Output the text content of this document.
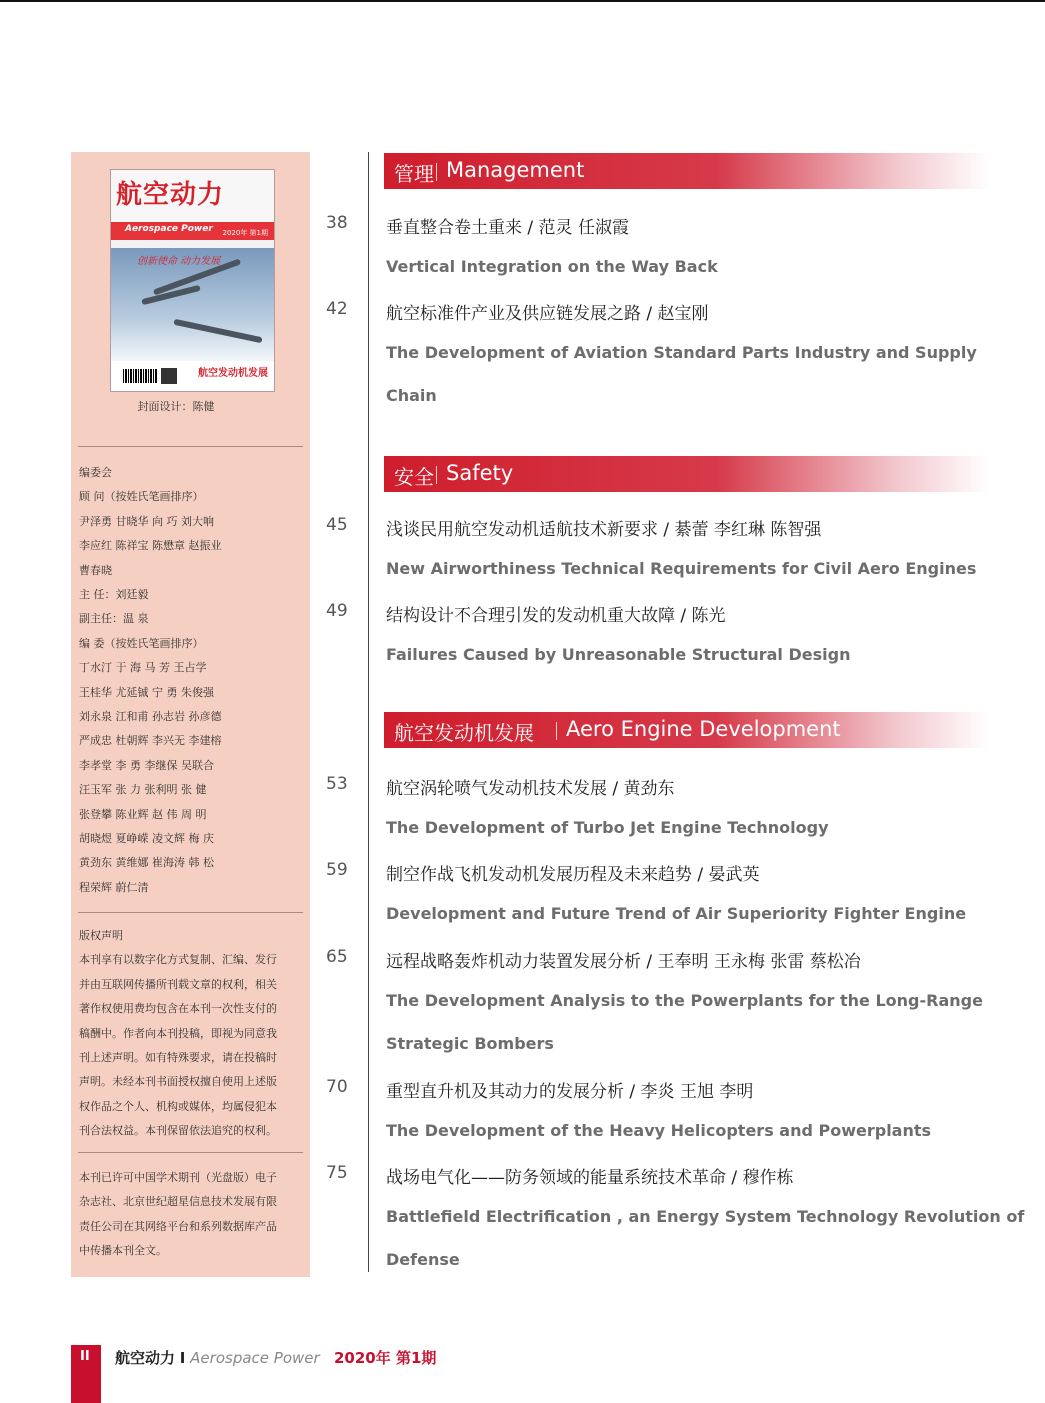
航空动力
Aerospace Power 2020年 第1期
创新使命 动力发展
航空发动机发展
封面设计：陈健
编委会
顾 问（按姓氏笔画排序）
尹泽勇 甘晓华 向 巧 刘大响
李应红 陈祥宝 陈懋章 赵振业
曹春晓
主 任：刘廷毅
副主任：温 泉
编 委（按姓氏笔画排序）
丁水汀 于 海 马 芳 王占学
王桂华 尤延铖 宁 勇 朱俊强
刘永泉 江和甫 孙志岩 孙彦德
严成忠 杜朝辉 李兴无 李建榕
李孝堂 李 勇 李继保 吴联合
汪玉军 张 力 张利明 张 健
张登攀 陈业辉 赵 伟 周 明
胡晓煜 夏峥嵘 凌文辉 梅 庆
黄劲东 黄维娜 崔海涛 韩 松
程荣辉 蔚仁清
版权声明
本刊享有以数字化方式复制、汇编、发行
并由互联网传播所刊载文章的权利，相关
著作权使用费均包含在本刊一次性支付的
稿酬中。作者向本刊投稿，即视为同意我
刊上述声明。如有特殊要求，请在投稿时
声明。未经本刊书面授权擅自使用上述版
权作品之个人、机构或媒体，均属侵犯本
刊合法权益。本刊保留依法追究的权利。
本刊已许可中国学术期刊（光盘版）电子
杂志社、北京世纪超星信息技术发展有限
责任公司在其网络平台和系列数据库产品
中传播本刊全文。
管理 Management
安全 Safety
航空发动机发展 Aero Engine Development
38 垂直整合卷土重来 / 范灵 任淑霞
Vertical Integration on the Way Back
42 航空标准件产业及供应链发展之路 / 赵宝刚
The Development of Aviation Standard Parts Industry and Supply
Chain
45 浅谈民用航空发动机适航技术新要求 / 綦蕾 李红琳 陈智强
New Airworthiness Technical Requirements for Civil Aero Engines
49 结构设计不合理引发的发动机重大故障 / 陈光
Failures Caused by Unreasonable Structural Design
53 航空涡轮喷气发动机技术发展 / 黄劲东
The Development of Turbo Jet Engine Technology
59 制空作战飞机发动机发展历程及未来趋势 / 晏武英
Development and Future Trend of Air Superiority Fighter Engine
65 远程战略轰炸机动力装置发展分析 / 王奉明 王永梅 张雷 蔡松冶
The Development Analysis to the Powerplants for the Long-Range
Strategic Bombers
70 重型直升机及其动力的发展分析 / 李炎 王旭 李明
The Development of the Heavy Helicopters and Powerplants
75 战场电气化——防务领域的能量系统技术革命 / 穆作栋
Battlefield Electrification , an Energy System Technology Revolution of
Defense
II 航空动力 I Aerospace Power 2020年 第1期
